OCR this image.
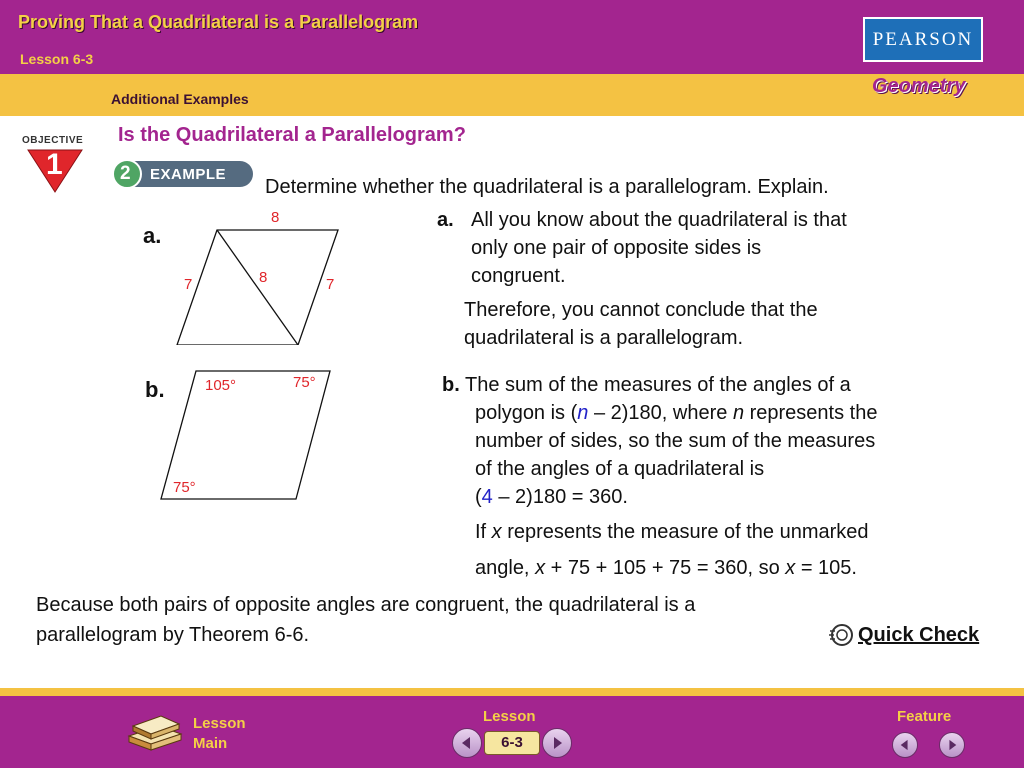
Proving That a Quadrilateral is a Parallelogram
Lesson 6-3
Additional Examples
PEARSON
Geometry
OBJECTIVE
1
Is the Quadrilateral a Parallelogram?
2 EXAMPLE
Determine whether the quadrilateral is a parallelogram. Explain.
a.
8
7	8	7
b.	105°	75°
75°
a. All you know about the quadrilateral is that
only one pair of opposite sides is
congruent.
Therefore, you cannot conclude that the
quadrilateral is a parallelogram.
b. The sum of the measures of the angles of a
polygon is (n – 2)180, where n represents the
number of sides, so the sum of the measures
of the angles of a quadrilateral is
(4 – 2)180 = 360.
If x represents the measure of the unmarked
angle, x + 75 + 105 + 75 = 360, so x = 105.
Because both pairs of opposite angles are congruent, the quadrilateral is a
parallelogram by Theorem 6-6.	Quick Check
Lesson
Main
Lesson
6-3
Feature
